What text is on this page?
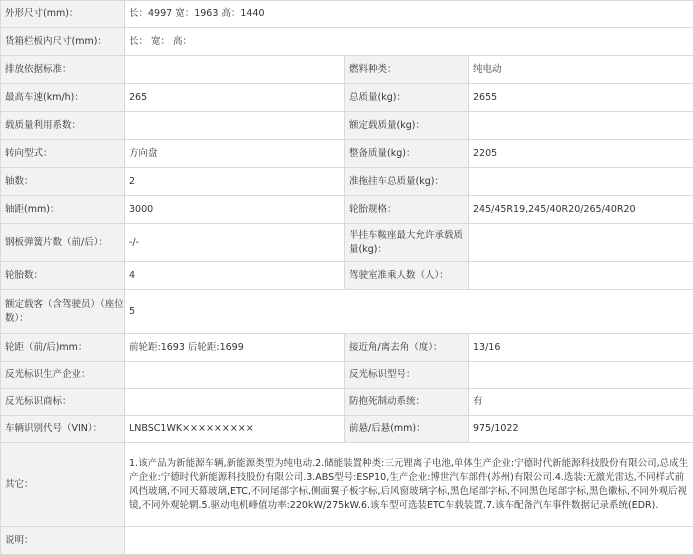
外形尺寸(mm)：	长：4997 宽：1963 高：1440		
货箱栏板内尺寸(mm)：	长： 宽： 高：		
排放依据标准：		燃料种类：	纯电动
最高车速(km/h)：	265	总质量(kg)：	2655
载质量利用系数：		额定载质量(kg)：	
转向型式：	方向盘	整备质量(kg)：	2205
轴数：	2	准拖挂车总质量(kg)：	
轴距(mm)：	3000	轮胎规格：	245/45R19,245/40R20/265/40R20
钢板弹簧片数（前/后）：	-/-	半挂车鞍座最大允许承载质量(kg)：	
轮胎数：	4	驾驶室准乘人数（人）：	
额定载客（含驾驶员）（座位数）：	5		
轮距（前/后)mm：	前轮距:1693 后轮距:1699	接近角/离去角（度）：	13/16
反光标识生产企业：		反光标识型号：	
反光标识商标：		防抱死制动系统：	有
车辆识别代号（VIN）：	LNBSC1WK×××××××××	前悬/后悬(mm)：	975/1022
其它：	1.该产品为新能源车辆,新能源类型为纯电动.2.储能装置种类:三元锂离子电池,单体生产企业:宁德时代新能源科技股份有限公司,总成生产企业:宁德时代新能源科技股份有限公司.3.ABS型号:ESP10,生产企业:博世汽车部件(苏州)有限公司.4.选装:无激光雷达,不同样式前风挡玻璃,不同天幕玻璃,ETC,不同尾部字标,侧面翼子板字标,后风窗玻璃字标,黑色尾部字标,不同黑色尾部字标,黑色徽标,不同外观后视镜,不同外观轮辋.5.驱动电机峰值功率:220kW/275kW.6.该车型可选装ETC车载装置.7.该车配备汽车事件数据记录系统(EDR).		
说明：			
